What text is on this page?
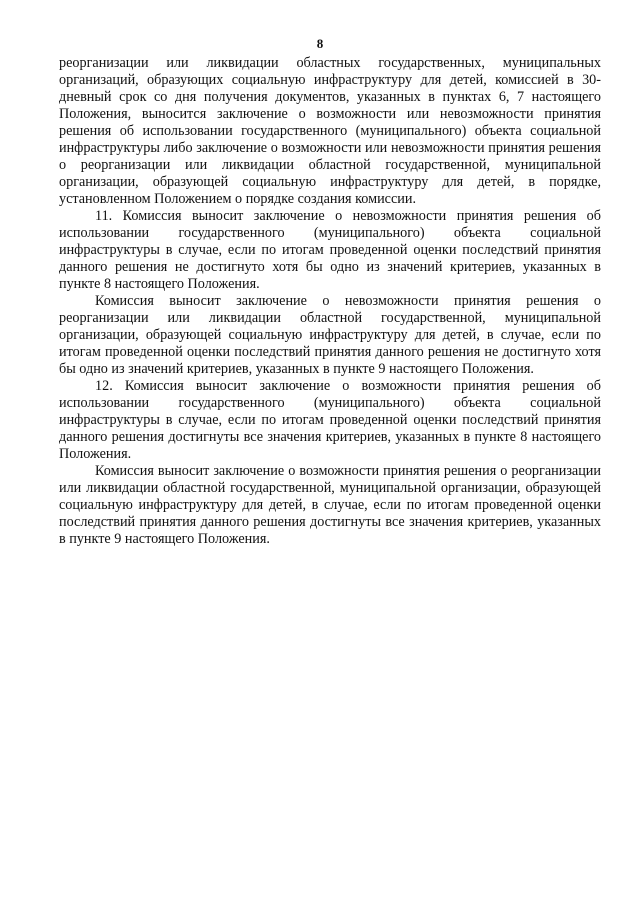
8

реорганизации или ликвидации областных государственных, муниципальных организаций, образующих социальную инфраструктуру для детей, комиссией в 30-дневный срок со дня получения документов, указанных в пунктах 6, 7 настоящего Положения, выносится заключение о возможности или невозможности принятия решения об использовании государственного (муниципального) объекта социальной инфраструктуры либо заключение о возможности или невозможности принятия решения о реорганизации или ликвидации областной государственной, муниципальной организации, образующей социальную инфраструктуру для детей, в порядке, установленном Положением о порядке создания комиссии.

11. Комиссия выносит заключение о невозможности принятия решения об использовании государственного (муниципального) объекта социальной инфраструктуры в случае, если по итогам проведенной оценки последствий принятия данного решения не достигнуто хотя бы одно из значений критериев, указанных в пункте 8 настоящего Положения.

Комиссия выносит заключение о невозможности принятия решения о реорганизации или ликвидации областной государственной, муниципальной организации, образующей социальную инфраструктуру для детей, в случае, если по итогам проведенной оценки последствий принятия данного решения не достигнуто хотя бы одно из значений критериев, указанных в пункте 9 настоящего Положения.

12. Комиссия выносит заключение о возможности принятия решения об использовании государственного (муниципального) объекта социальной инфраструктуры в случае, если по итогам проведенной оценки последствий принятия данного решения достигнуты все значения критериев, указанных в пункте 8 настоящего Положения.

Комиссия выносит заключение о возможности принятия решения о реорганизации или ликвидации областной государственной, муниципальной организации, образующей социальную инфраструктуру для детей, в случае, если по итогам проведенной оценки последствий принятия данного решения достигнуты все значения критериев, указанных в пункте 9 настоящего Положения.
